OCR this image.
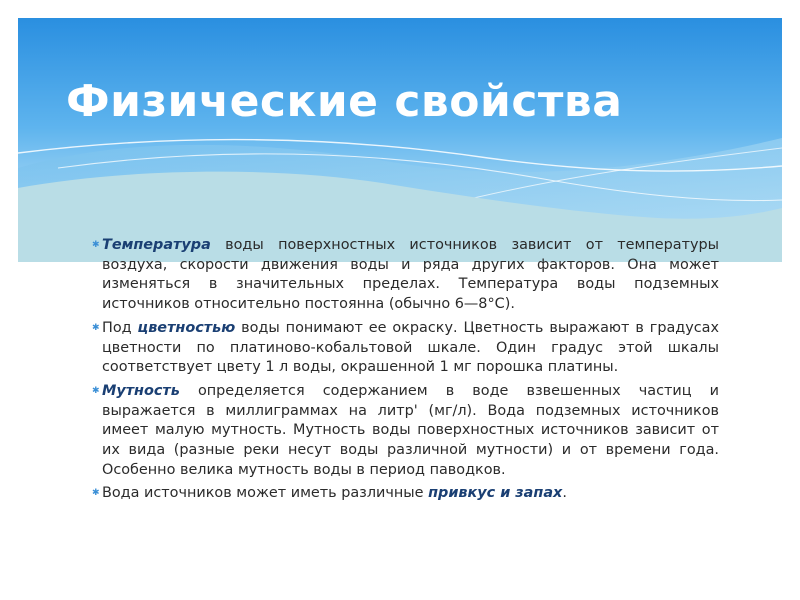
Физические свойства
✱ Температура воды поверхностных источников зависит от температуры воздуха, скорости движения воды и ряда других факторов. Она может изменяться в значительных пределах. Температура воды подземных источников относительно постоянна (обычно 6—8°С).
✱ Под цветностью воды понимают ее окраску. Цветность выражают в градусах цветности по платиново-кобальтовой шкале. Один градус этой шкалы соответствует цвету 1 л воды, окрашенной 1 мг порошка платины.
✱ Мутность определяется содержанием в воде взвешенных частиц и выражается в миллиграммах на литр' (мг/л). Вода подземных источников имеет малую мутность. Мутность воды поверхностных источников зависит от их вида (разные реки несут воды различной мутности) и от времени года. Особенно велика мутность воды в период паводков.
✱ Вода источников может иметь различные привкус и запах.
